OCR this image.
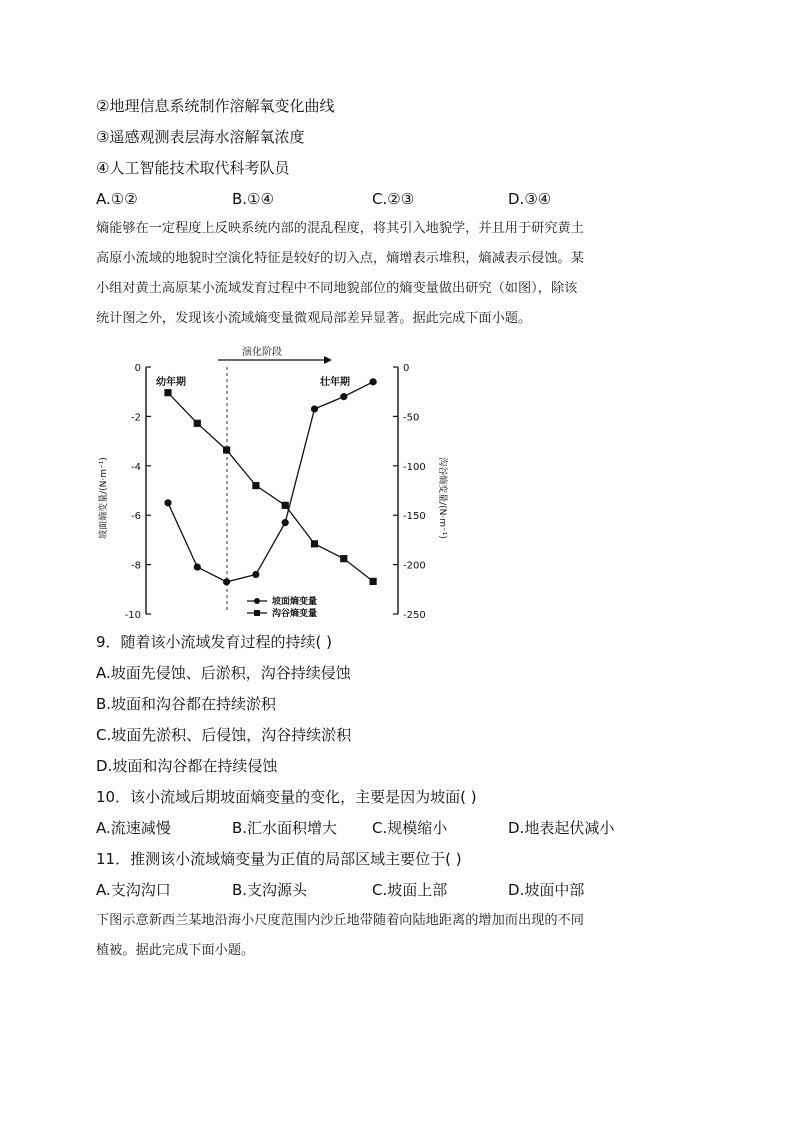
②地理信息系统制作溶解氧变化曲线
③遥感观测表层海水溶解氧浓度
④人工智能技术取代科考队员
A.①②	B.①④	C.②③	D.③④
熵能够在一定程度上反映系统内部的混乱程度，将其引入地貌学，并且用于研究黄土
高原小流域的地貌时空演化特征是较好的切入点，熵增表示堆积，熵减表示侵蚀。某
小组对黄土高原某小流域发育过程中不同地貌部位的熵变量做出研究（如图），除该
统计图之外，发现该小流域熵变量微观局部差异显著。据此完成下面小题。
演化阶段
幼年期	壮年期
坡面熵变量/(N·m⁻¹)	沟谷熵变量/(N·m⁻¹)
0
-2
-4
-6
-8
-10
0
-50
-100
-150
-200
-250
坡面熵变量
沟谷熵变量
9．随着该小流域发育过程的持续( )
A.坡面先侵蚀、后淤积，沟谷持续侵蚀
B.坡面和沟谷都在持续淤积
C.坡面先淤积、后侵蚀，沟谷持续淤积
D.坡面和沟谷都在持续侵蚀
10．该小流域后期坡面熵变量的变化，主要是因为坡面( )
A.流速减慢	B.汇水面积增大 C.规模缩小	D.地表起伏减小
11．推测该小流域熵变量为正值的局部区域主要位于( )
A.支沟沟口	B.支沟源头	C.坡面上部	D.坡面中部
下图示意新西兰某地沿海小尺度范围内沙丘地带随着向陆地距离的增加而出现的不同
植被。据此完成下面小题。
